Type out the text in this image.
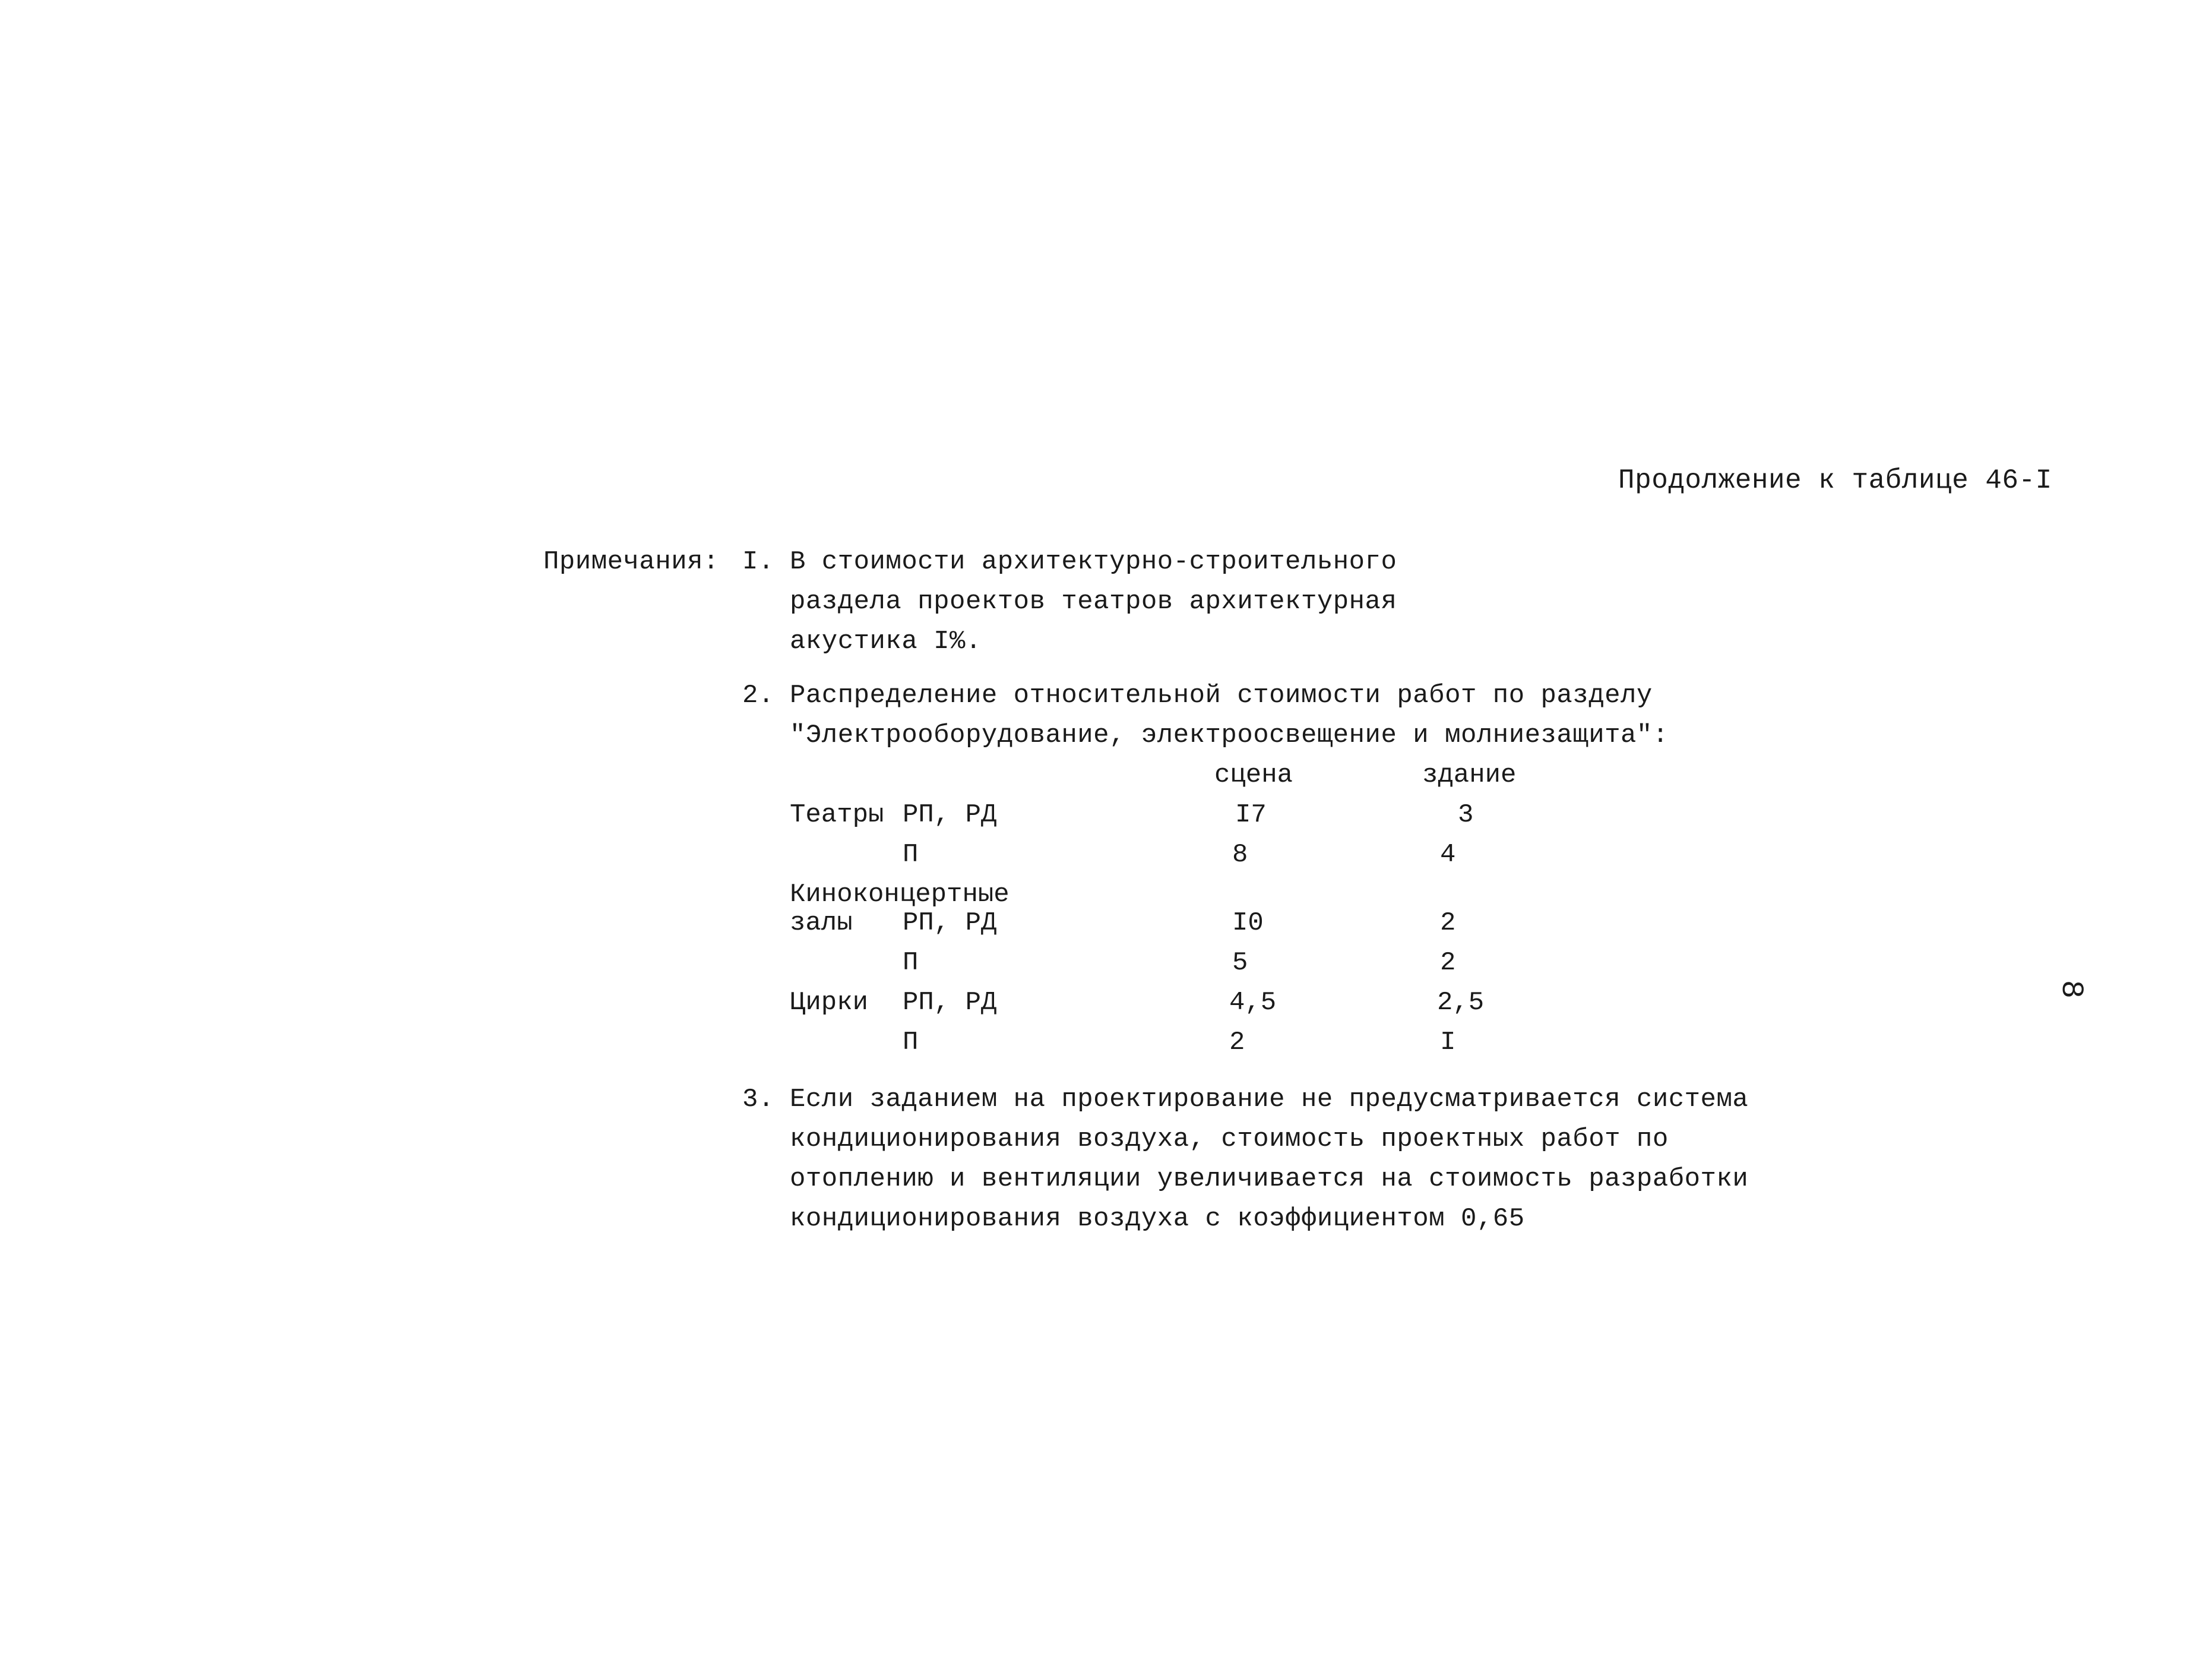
Продолжение к таблице 46-I
Примечания: I. В стоимости архитектурно-строительного
раздела проектов театров архитектурная
акустика I%.
2. Распределение относительной стоимости работ по разделу
"Электрооборудование, электроосвещение и молниезащита":
сцена	здание
Театры РП, РД	I7	3
П	8	4
Киноконцертные
залы РП, РД	I0	2
П	5	2
Цирки РП, РД	4,5	2,5
П	2	I
3. Если заданием на проектирование не предусматривается система
кондиционирования воздуха, стоимость проектных работ по
отоплению и вентиляции увеличивается на стоимость разработки
кондиционирования воздуха с коэффициентом 0,65
8
